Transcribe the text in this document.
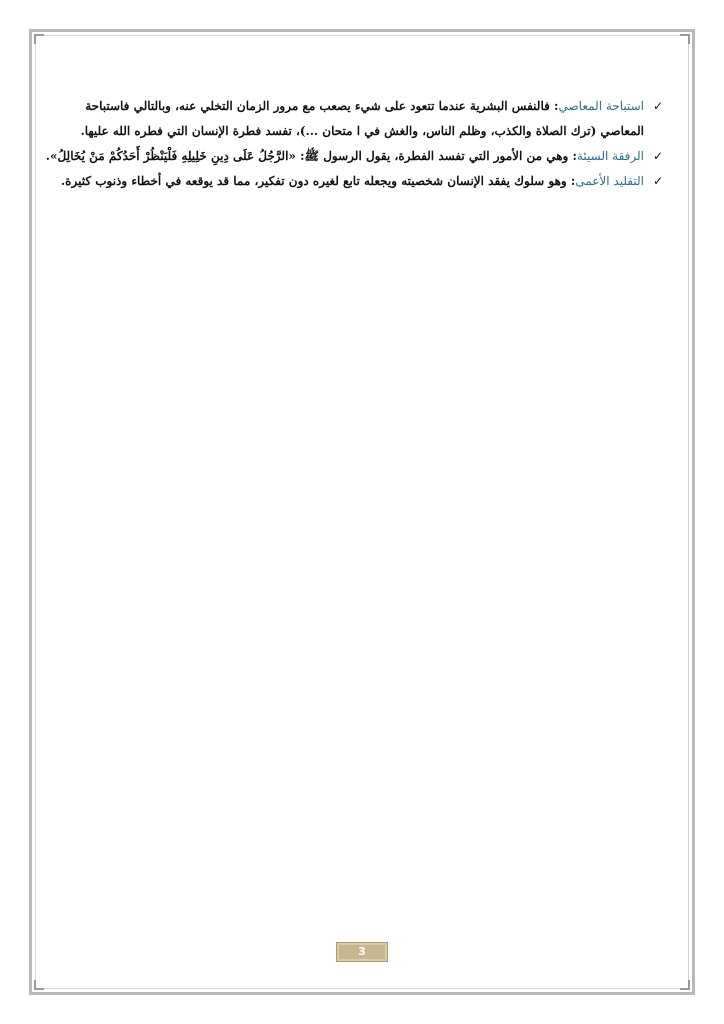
✓
استباحة المعاصي: فالنفس البشرية عندما تتعود على شيء يصعب مع مرور الزمان التخلي عنه، وبالتالي فاستباحة المعاصي (ترك الصلاة والكذب، وظلم الناس، والغش في ا متحان ...)، تفسد فطرة الإنسان التي فطره الله عليها.

✓
الرفقة السيئة: وهي من الأمور التي تفسد الفطرة، يقول الرسول ﷺ: «الرَّجُلُ عَلَى دِينِ خَلِيلِهِ فَلْيَنْظُرْ أَحَدُكُمْ مَنْ يُخَالِلُ».

✓
التقليد الأعمى: وهو سلوك يفقد الإنسان شخصيته ويجعله تابع لغيره دون تفكير، مما قد يوقعه في أخطاء وذنوب كثيرة.

3
